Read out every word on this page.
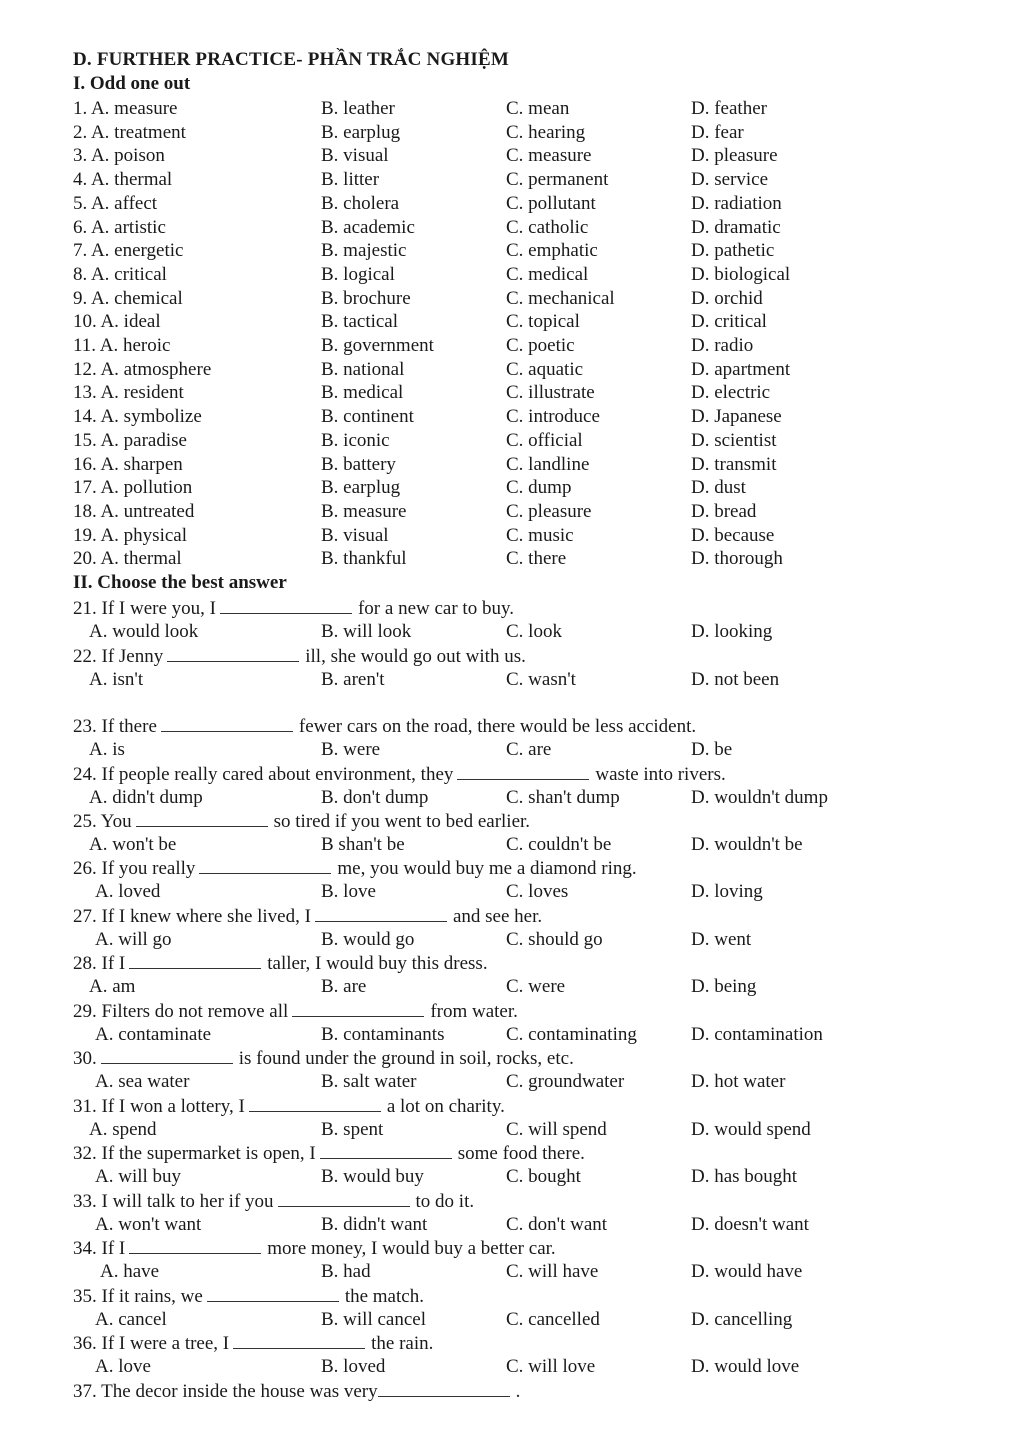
D. FURTHER PRACTICE- PHẦN TRẮC NGHIỆM
I. Odd one out
1. A. measure	B. leather	C. mean	D. feather
2. A. treatment	B. earplug	C. hearing	D. fear
3. A. poison	B. visual	C. measure	D. pleasure
4. A. thermal	B. litter	C. permanent	D. service
5. A. affect	B. cholera	C. pollutant	D. radiation
6. A. artistic	B. academic	C. catholic	D. dramatic
7. A. energetic	B. majestic	C. emphatic	D. pathetic
8. A. critical	B. logical	C. medical	D. biological
9. A. chemical	B. brochure	C. mechanical	D. orchid
10. A. ideal	B. tactical	C. topical	D. critical
11. A. heroic	B. government	C. poetic	D. radio
12. A. atmosphere	B. national	C. aquatic	D. apartment
13. A. resident	B. medical	C. illustrate	D. electric
14. A. symbolize	B. continent	C. introduce	D. Japanese
15. A. paradise	B. iconic	C. official	D. scientist
16. A. sharpen	B. battery	C. landline	D. transmit
17. A. pollution	B. earplug	C. dump	D. dust
18. A. untreated	B. measure	C. pleasure	D. bread
19. A. physical	B. visual	C. music	D. because
20. A. thermal	B. thankful	C. there	D. thorough
II. Choose the best answer
21. If I were you, I	for a new car to buy.
A. would look	B. will look	C. look	D. looking
22. If Jenny	ill, she would go out with us.
A. isn't	B. aren't	C. wasn't	D. not been
23. If there	fewer cars on the road, there would be less accident.
A. is	B. were	C. are	D. be
24. If people really cared about environment, they	waste into rivers.
A. didn't dump	B. don't dump	C. shan't dump	D. wouldn't dump
25. You	so tired if you went to bed earlier.
A. won't be	B shan't be	C. couldn't be	D. wouldn't be
26. If you really	me, you would buy me a diamond ring.
A. loved	B. love	C. loves	D. loving
27. If I knew where she lived, I	and see her.
A. will go	B. would go	C. should go	D. went
28. If I	taller, I would buy this dress.
A. am	B. are	C. were	D. being
29. Filters do not remove all	from water.
A. contaminate	B. contaminants	C. contaminating	D. contamination
30.	is found under the ground in soil, rocks, etc.
A. sea water	B. salt water	C. groundwater	D. hot water
31. If I won a lottery, I	a lot on charity.
A. spend	B. spent	C. will spend	D. would spend
32. If the supermarket is open, I	some food there.
A. will buy	B. would buy	C. bought	D. has bought
33. I will talk to her if you	to do it.
A. won't want	B. didn't want	C. don't want	D. doesn't want
34. If I	more money, I would buy a better car.
A. have	B. had	C. will have	D. would have
35. If it rains, we	the match.
A. cancel	B. will cancel	C. cancelled	D. cancelling
36. If I were a tree, I	the rain.
A. love	B. loved	C. will love	D. would love
37. The decor inside the house was very	.
